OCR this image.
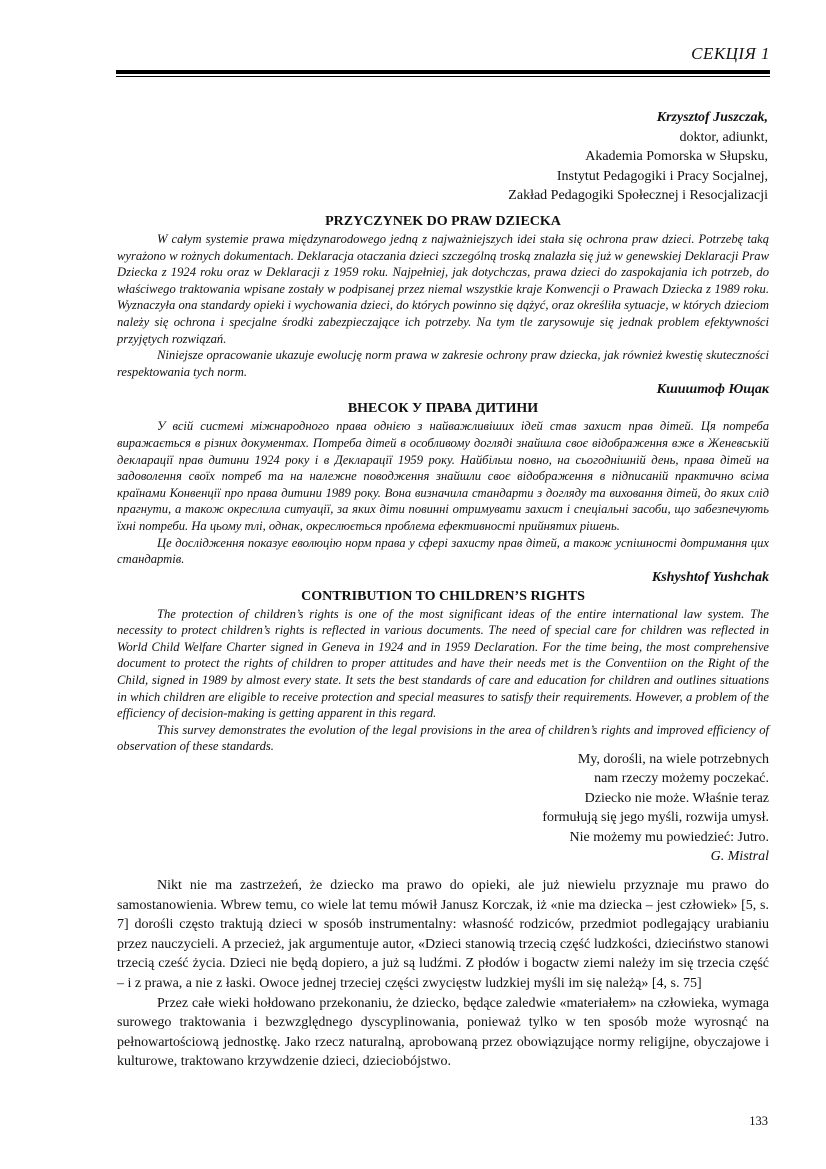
СЕКЦІЯ 1
Krzysztof Juszczak,
doktor, adiunkt,
Akademia Pomorska w Słupsku,
Instytut Pedagogiki i Pracy Socjalnej,
Zakład Pedagogiki Społecznej i Resocjalizacji
PRZYCZYNEK DO PRAW DZIECKA

W całym systemie prawa międzynarodowego jedną z najważniejszych idei stała się ochrona praw dzieci. Potrzebę taką wyrażono w rożnych dokumentach. Deklaracja otaczania dzieci szczególną troską znalazła się już w genewskiej Deklaracji Praw Dziecka z 1924 roku oraz w Deklaracji z 1959 roku. Najpełniej, jak dotychczas, prawa dzieci do zaspokajania ich potrzeb, do właściwego traktowania wpisane zostały w podpisanej przez niemal wszystkie kraje Konwencji o Prawach Dziecka z 1989 roku. Wyznaczyła ona standardy opieki i wychowania dzieci, do których powinno się dążyć, oraz określiła sytuacje, w których dzieciom należy się ochrona i specjalne środki zabezpieczające ich potrzeby. Na tym tle zarysowuje się jednak problem efektywności przyjętych rozwiązań.

Niniejsze opracowanie ukazuje ewolucję norm prawa w zakresie ochrony praw dziecka, jak również kwestię skuteczności respektowania tych norm.

Кшиштоф Ющак
ВНЕСОК У ПРАВА ДИТИНИ

У всій системі міжнародного права однією з найважливіших ідей став захист прав дітей. Ця потреба виражається в різних документах. Потреба дітей в особливому догляді знайшла своє відображення вже в Женевській декларації прав дитини 1924 року і в Декларації 1959 року. Найбільш повно, на сьогоднішній день, права дітей на задоволення своїх потреб та на належне поводження знайшли своє відображення в підписаній практично всіма країнами Конвенції про права дитини 1989 року. Вона визначила стандарти з догляду та виховання дітей, до яких слід прагнути, а також окреслила ситуації, за яких діти повинні отримувати захист і спеціальні засоби, що забезпечують їхні потреби. На цьому тлі, однак, окреслюється проблема ефективності прийнятих рішень.

Це дослідження показує еволюцію норм права у сфері захисту прав дітей, а також успішності дотримання цих стандартів.

Kshyshtof Yushchak
CONTRIBUTION TO CHILDREN’S RIGHTS

The protection of children’s rights is one of the most significant ideas of the entire international law system. The necessity to protect children’s rights is reflected in various documents. The need of special care for children was reflected in World Child Welfare Charter signed in Geneva in 1924 and in 1959 Declaration. For the time being, the most comprehensive document to protect the rights of children to proper attitudes and have their needs met is the Conventiion on the Right of the Child, signed in 1989 by almost every state. It sets the best standards of care and education for children and outlines situations in which children are eligible to receive protection and special measures to satisfy their requirements. However, a problem of the efficiency of decision-making is getting apparent in this regard.

This survey demonstrates the evolution of the legal provisions in the area of children’s rights and improved efficiency of observation of these standards.

My, dorośli, na wiele potrzebnych
nam rzeczy możemy poczekać.
Dziecko nie może. Właśnie teraz
formułują się jego myśli, rozwija umysł.
Nie możemy mu powiedzieć: Jutro.
G. Mistral

Nikt nie ma zastrzeżeń, że dziecko ma prawo do opieki, ale już niewielu przyznaje mu prawo do samostanowienia. Wbrew temu, co wiele lat temu mówił Janusz Korczak, iż «nie ma dziecka – jest człowiek» [5, s. 7] dorośli często traktują dzieci w sposób instrumentalny: własność rodziców, przedmiot podlegający urabianiu przez nauczycieli. A przecież, jak argumentuje autor, «Dzieci stanowią trzecią część ludzkości, dzieciństwo stanowi trzecią cześć życia. Dzieci nie będą dopiero, a już są ludźmi. Z płodów i bogactw ziemi należy im się trzecia część – i z prawa, a nie z łaski. Owoce jednej trzeciej części zwycięstw ludzkiej myśli im się należą» [4, s. 75]

Przez całe wieki hołdowano przekonaniu, że dziecko, będące zaledwie «materiałem» na człowieka, wymaga surowego traktowania i bezwzględnego dyscyplinowania, ponieważ tylko w ten sposób może wyrosnąć na pełnowartościową jednostkę. Jako rzecz naturalną, aprobowaną przez obowiązujące normy religijne, obyczajowe i kulturowe, traktowano krzywdzenie dzieci, dzieciobójstwo.

133
